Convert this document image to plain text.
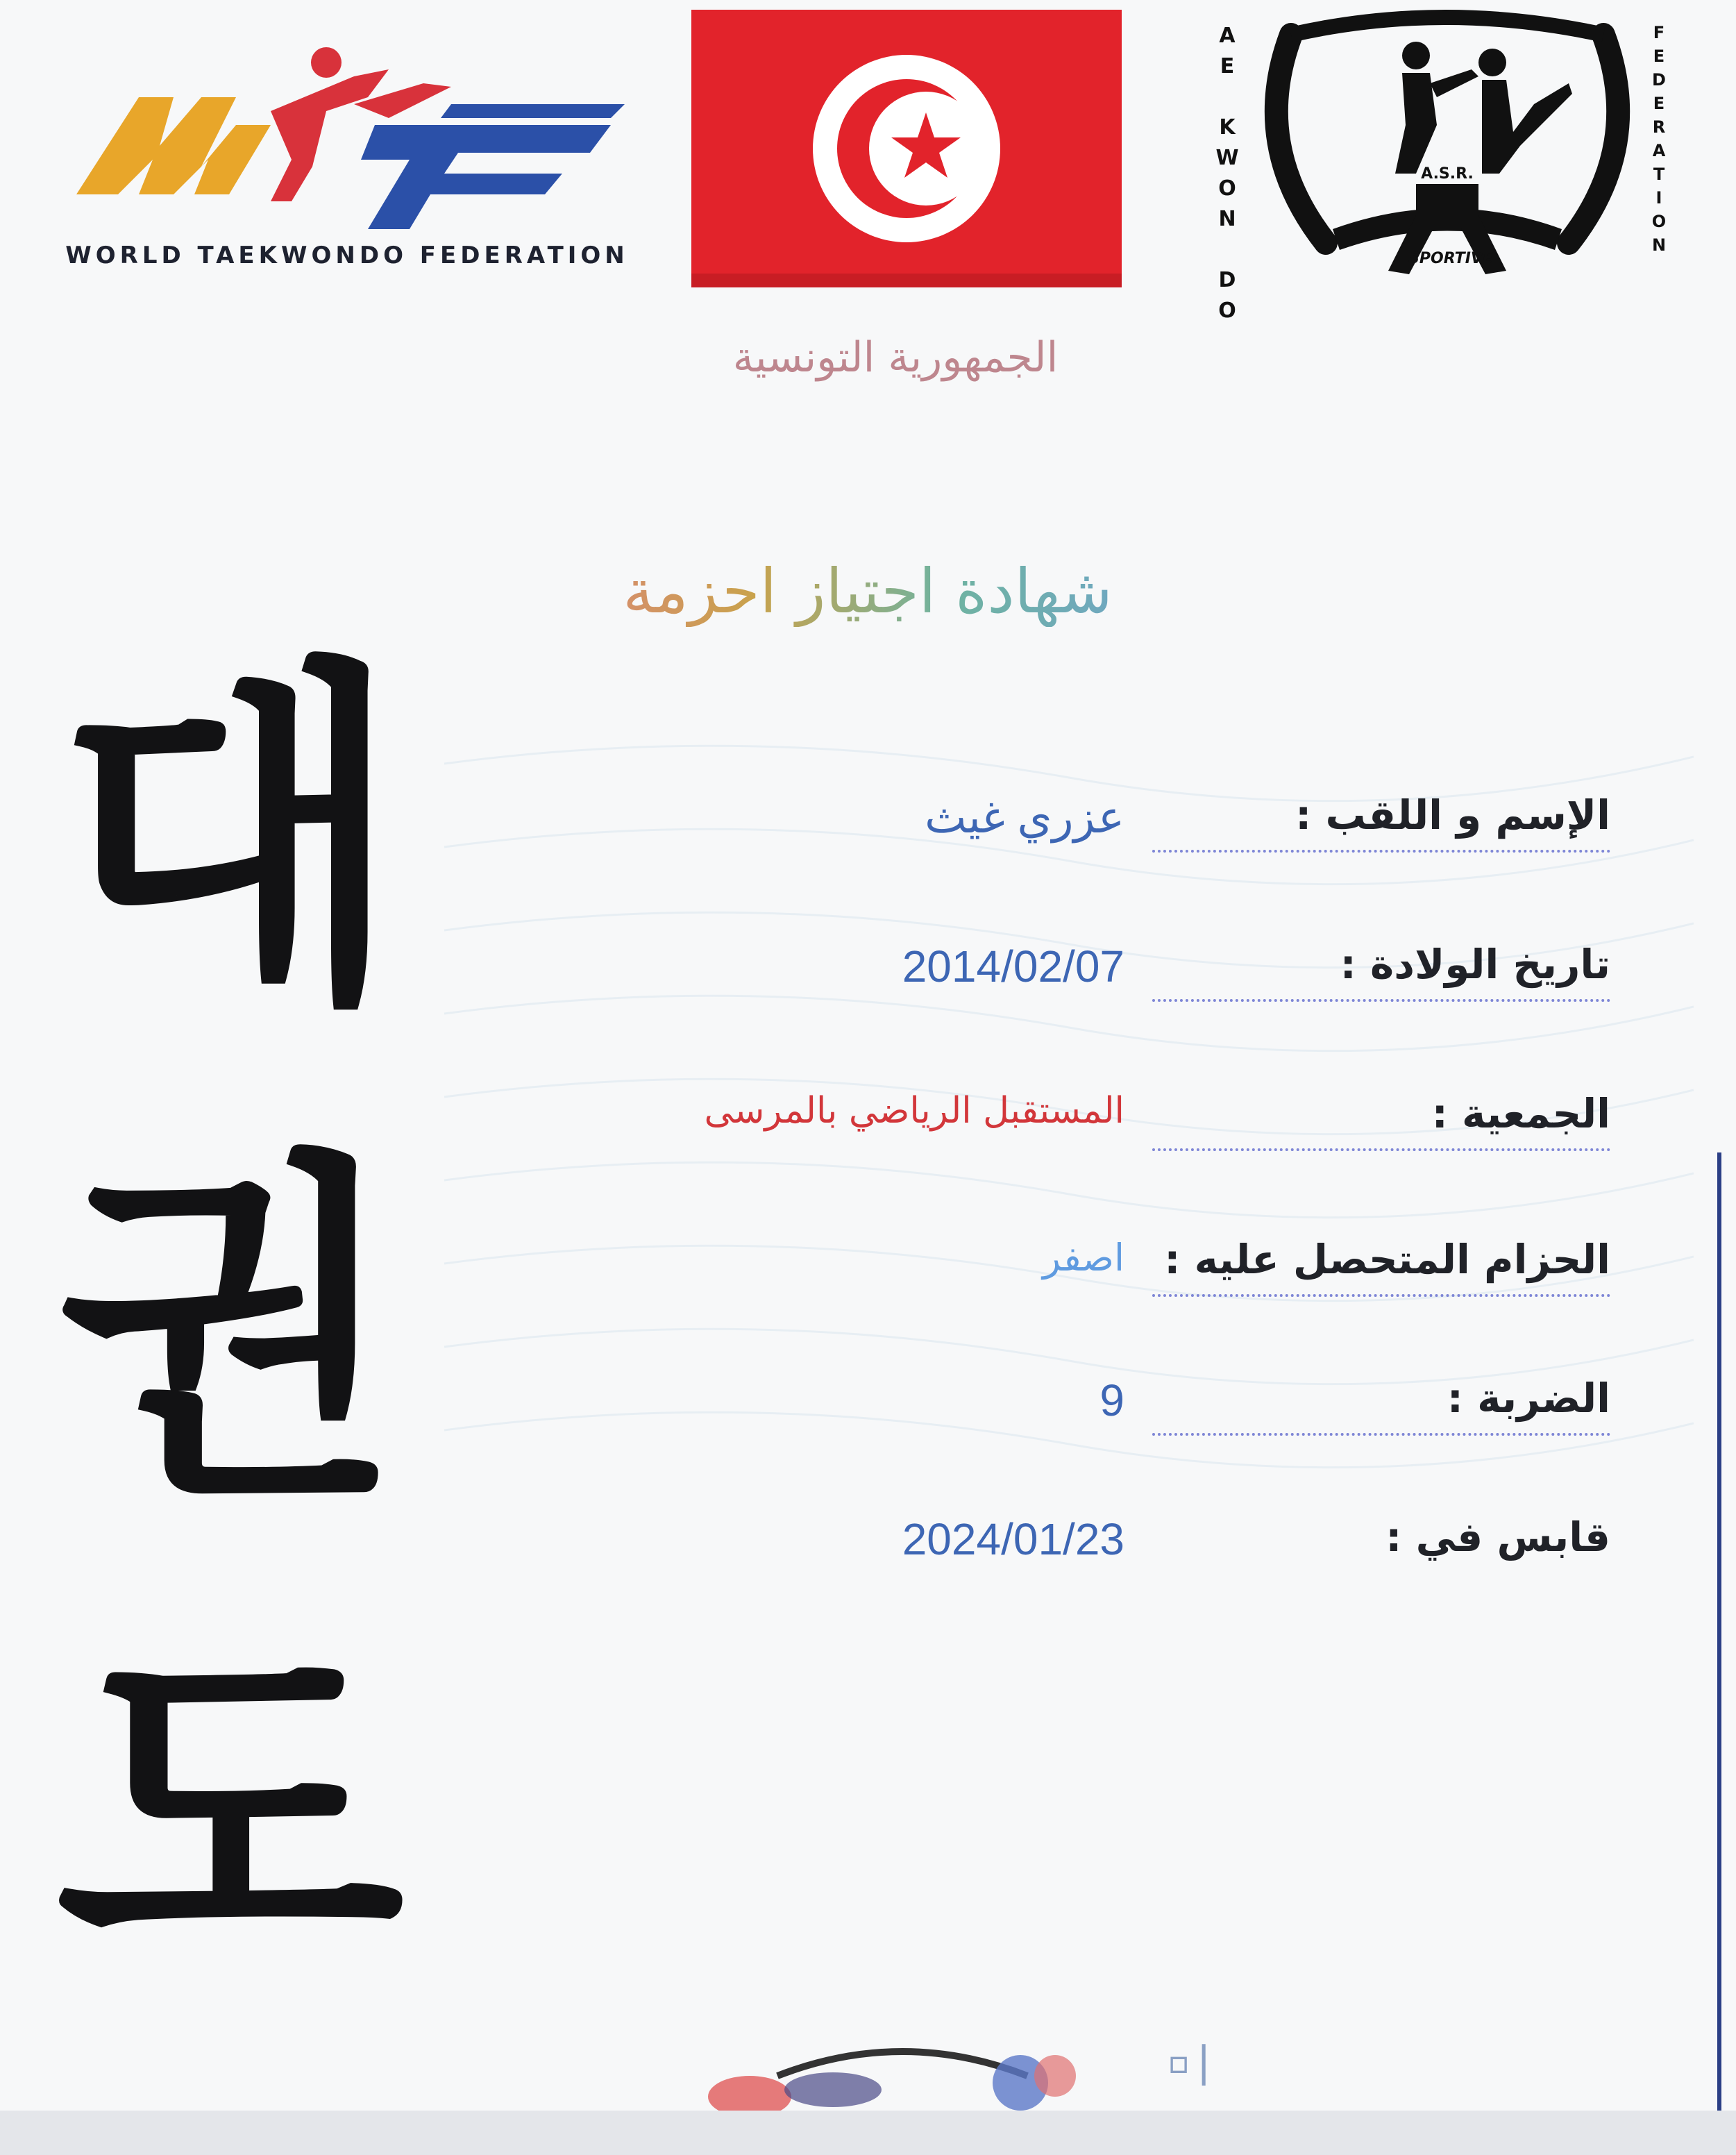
WORLD TAEKWONDO FEDERATION
A
E

K
W
O
N

D
O
A.S.R.
SPORTIVE
F
E
D
E
R
A
T
I
O
N
الجمهورية التونسية
شهادة اجتياز احزمة
대
권
도
الإسم و اللقب :
عزري غيث
تاريخ الولادة :
2014/02/07
الجمعية :
المستقبل الرياضي بالمرسى
الحزام المتحصل عليه :
اصفر
الضربة :
9
قابس في :
2024/01/23
▫|
